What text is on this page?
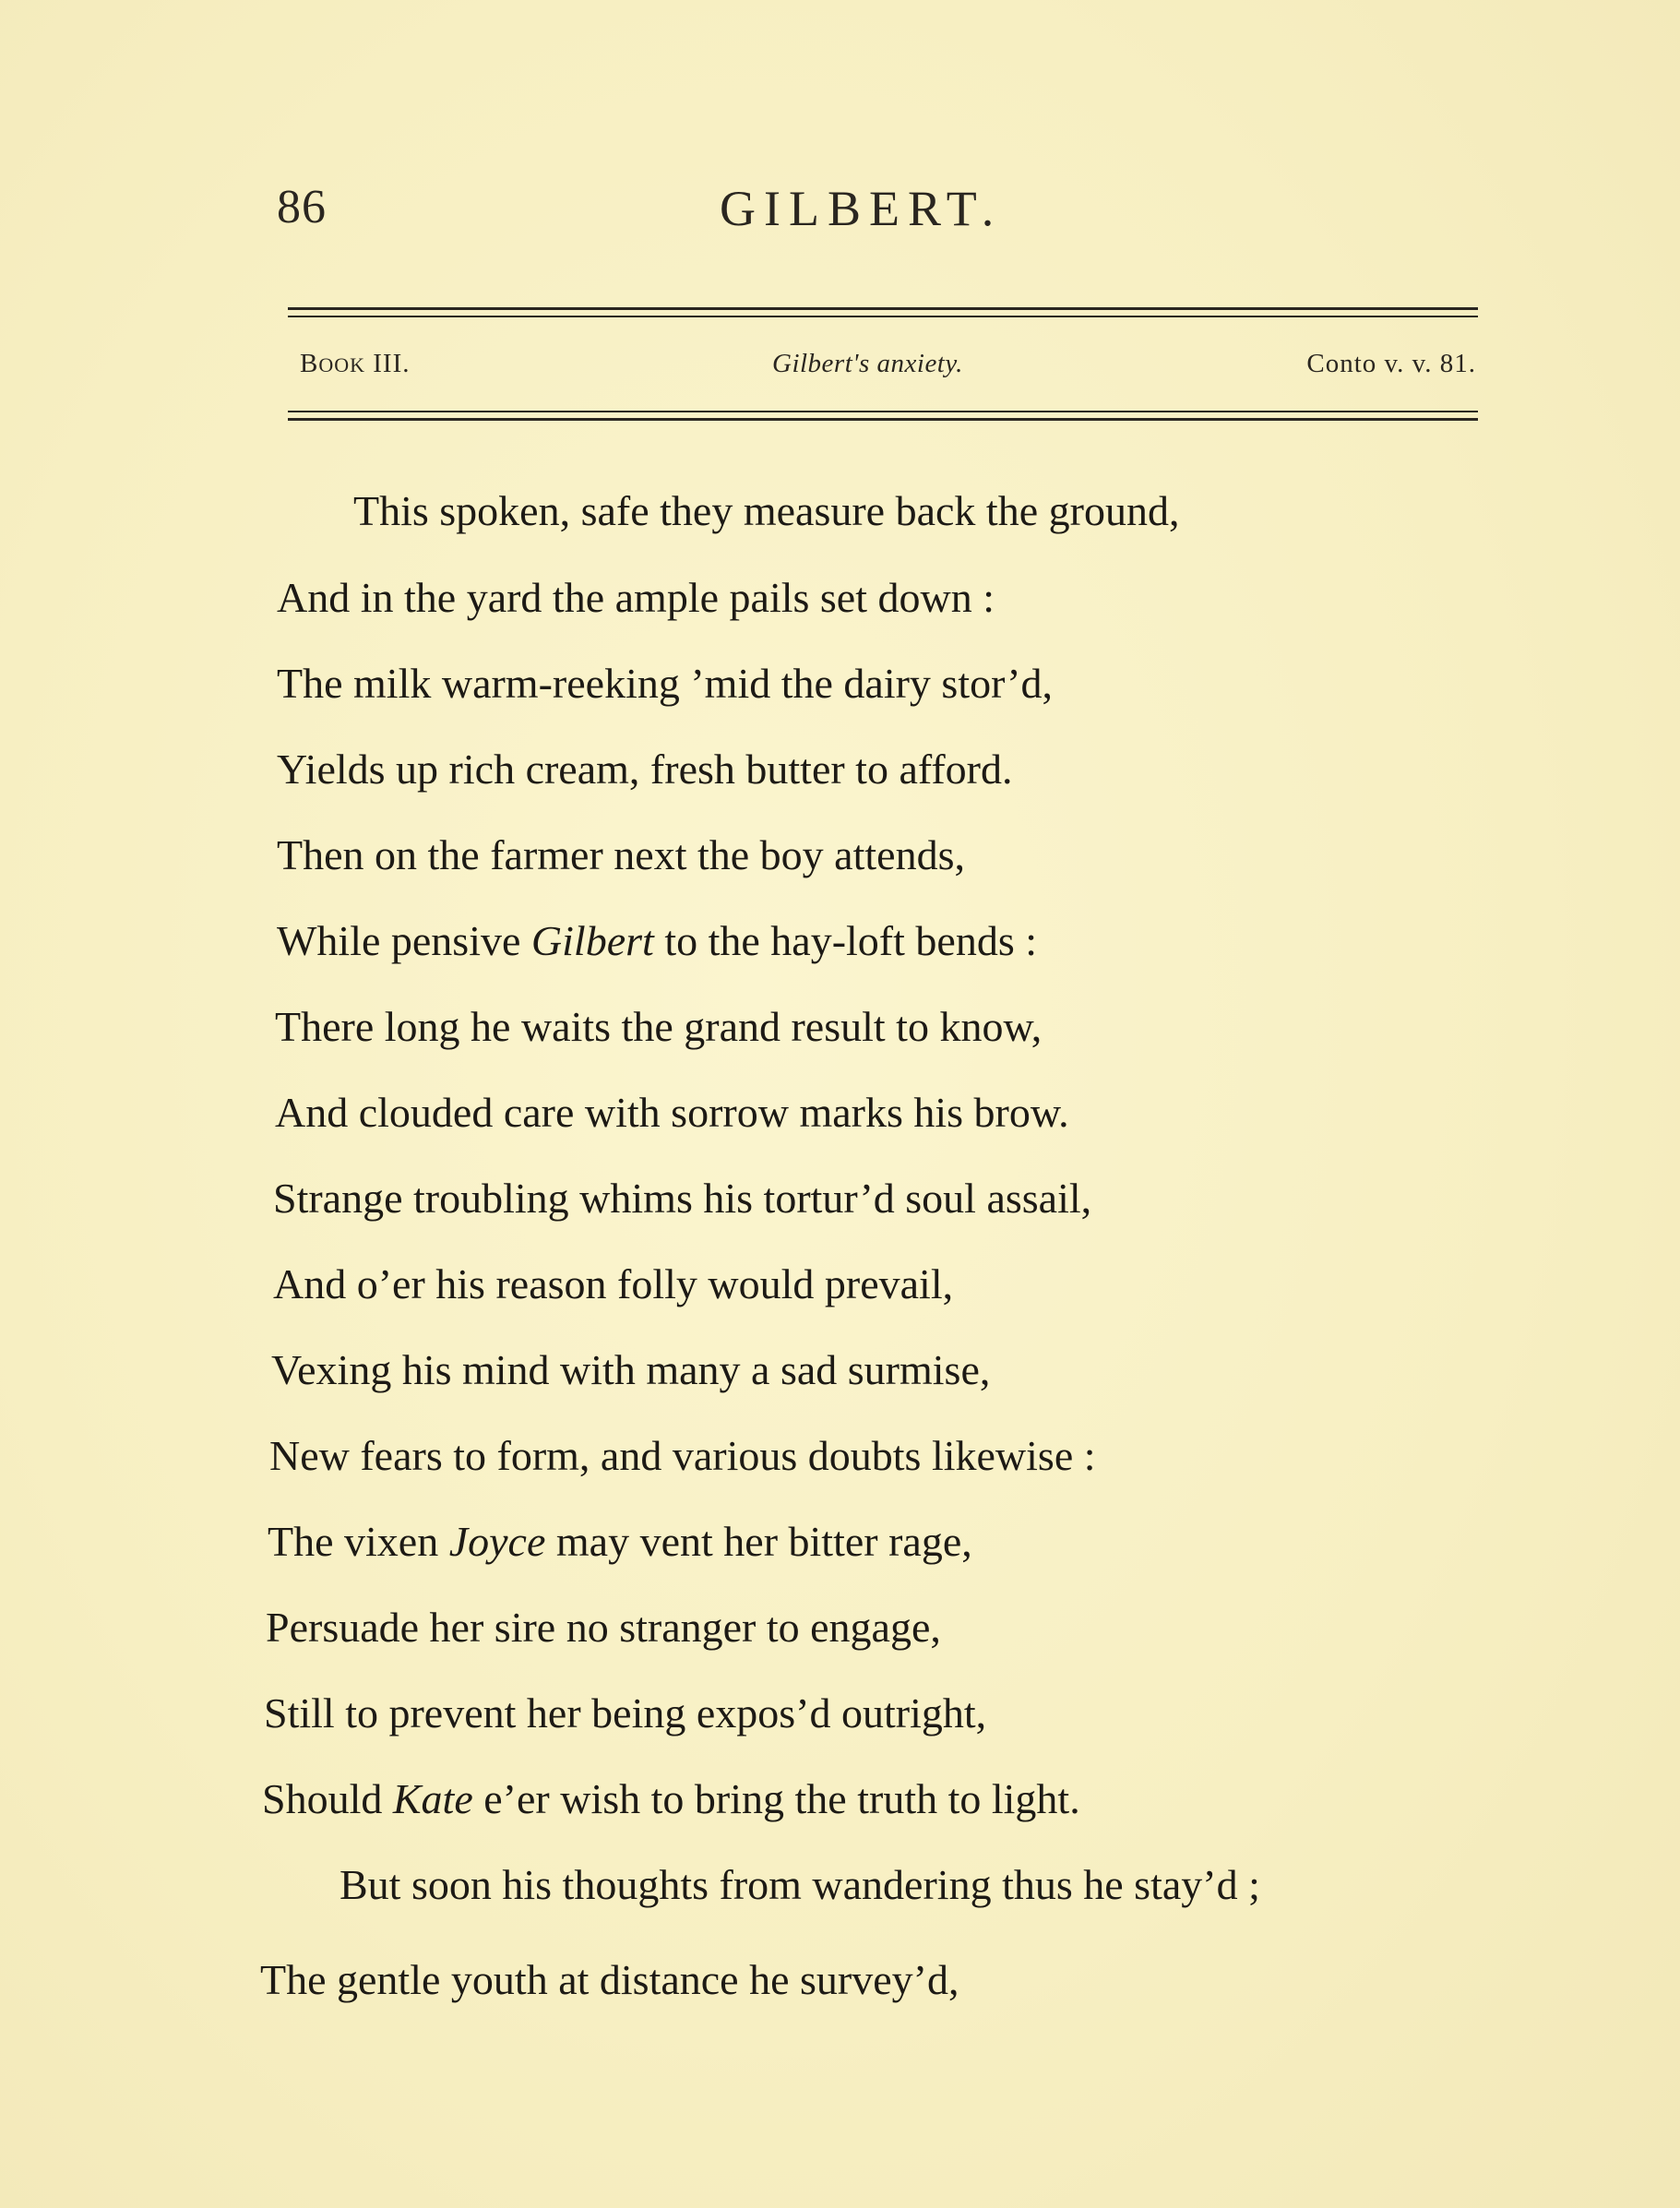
86	GILBERT.
BOOK III.	Gilbert's anxiety.	Conto v. v. 81.
This spoken, safe they measure back the ground,
And in the yard the ample pails set down :
The milk warm-reeking ’mid the dairy stor’d,
Yields up rich cream, fresh butter to afford.
Then on the farmer next the boy attends,
While pensive Gilbert to the hay-loft bends :
There long he waits the grand result to know,
And clouded care with sorrow marks his brow.
Strange troubling whims his tortur’d soul assail,
And o’er his reason folly would prevail,
Vexing his mind with many a sad surmise,
New fears to form, and various doubts likewise :
The vixen Joyce may vent her bitter rage,
Persuade her sire no stranger to engage,
Still to prevent her being expos’d outright,
Should Kate e’er wish to bring the truth to light.
But soon his thoughts from wandering thus he stay’d ;
The gentle youth at distance he survey’d,
